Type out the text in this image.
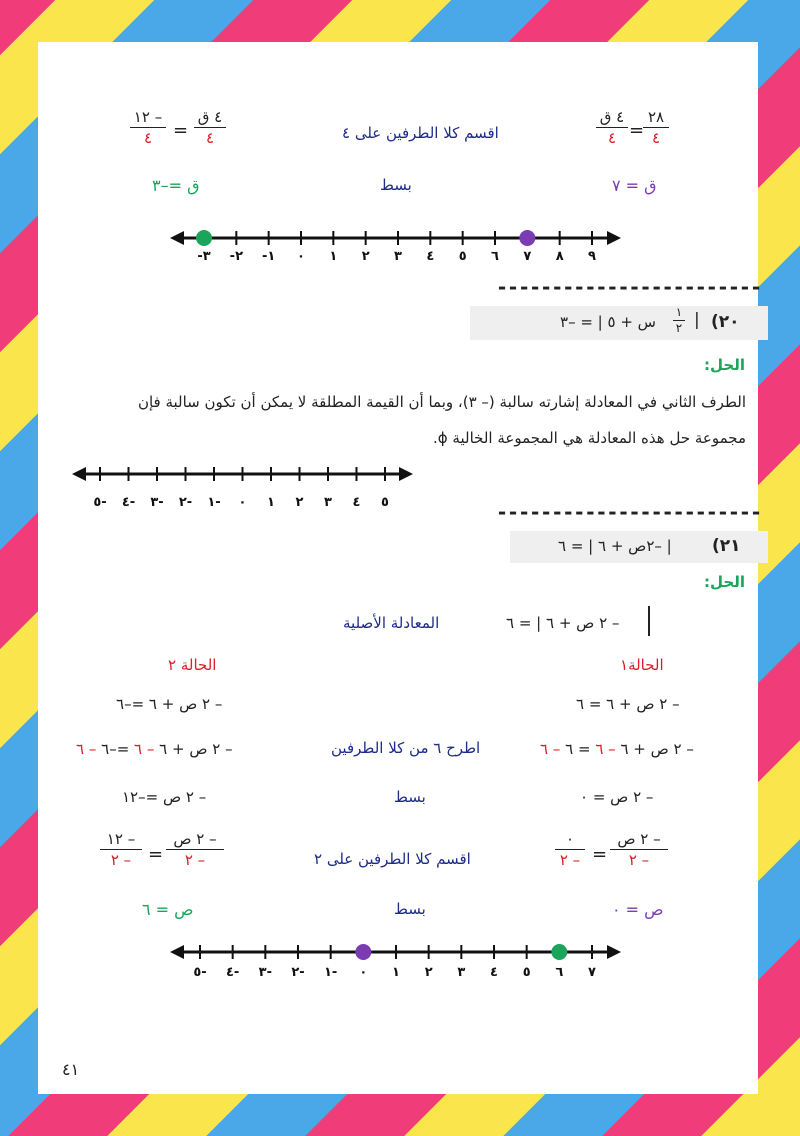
٤ ق
٤ =
٢٨
٤
اقسم كلا الطرفين على ٤
– ١٢
٤	=
٤ ق
٤
ق = ٧
بسط
ق =–٣
-٣ -٢ -١ ٠ ١ ٢ ٣ ٤ ٥ ٦ ٧ ٨ ٩
------------------------
٢٠)
|
١
٢
س + ٥ | = –٣
الحل:
الطرف الثاني في المعادلة إشارته سالبة (– ٣)، وبما أن القيمة المطلقة لا يمكن أن تكون سالبة فإن
مجموعة حل هذه المعادلة هي المجموعة الخالية ϕ.
٥- ٤- ٣- ٢- ١- ٠ ١ ٢ ٣ ٤ ٥	------------------------
٢١)
| –٢ص + ٦ | = ٦
الحل:
– ٢ ص + ٦ | = ٦
المعادلة الأصلية
الحالة١
الحالة ٢
– ٢ ص + ٦ = ٦
– ٢ ص + ٦ =–٦
– ٢ ص + ٦ – ٦ = ٦ – ٦
اطرح ٦ من كلا الطرفين
– ٢ ص + ٦ – ٦ =–٦ – ٦
– ٢ ص = ٠
بسط
– ٢ ص =–١٢
٠
– ٢ =
– ٢ ص
– ٢
اقسم كلا الطرفين على ٢
– ١٢
– ٢ =
– ٢ ص
– ٢
ص = ٠
بسط
ص = ٦
٥- ٤- ٣- ٢- ١- ٠ ١ ٢ ٣ ٤ ٥ ٦ ٧
٤١
